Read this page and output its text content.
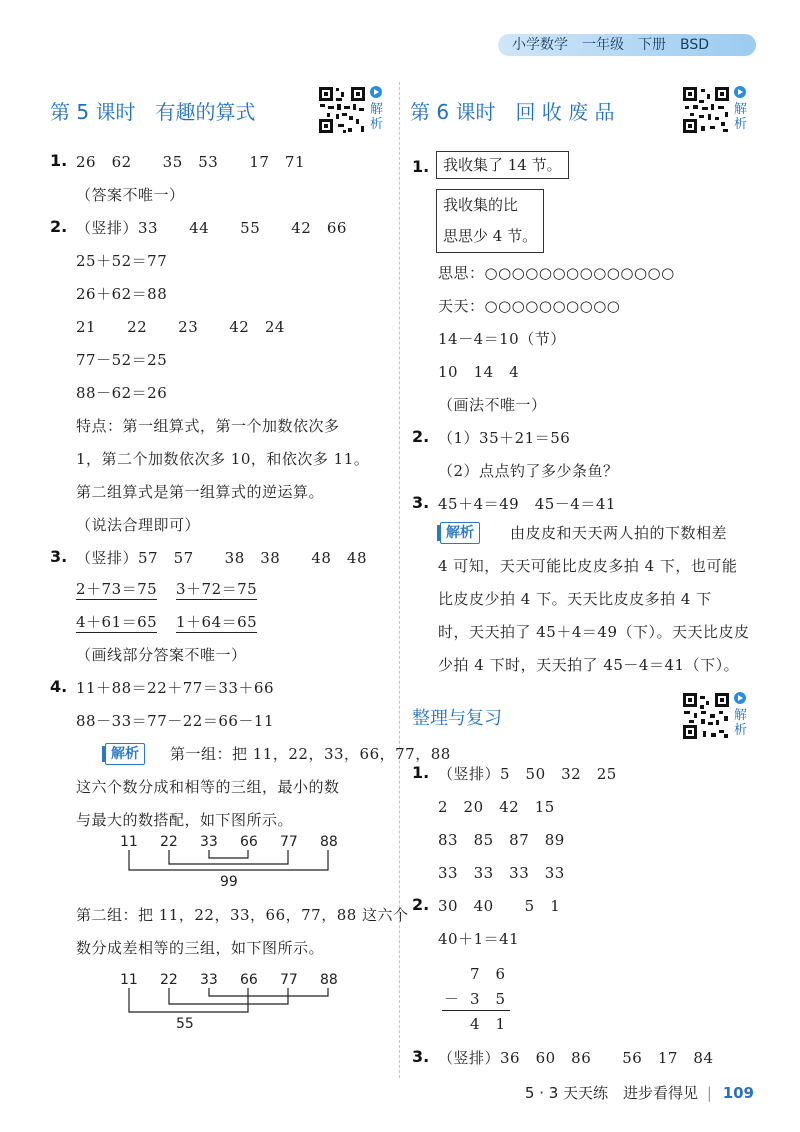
小学数学　一年级　下册　BSD
第 5 课时　有趣的算式	解析
1. 26　62　　35　53　　17　71
（答案不唯一）
2. （竖排）33　　44　　55　　42　66
25＋52＝77
26＋62＝88
21　　22　　23　　42　24
77－52＝25
88－62＝26
特点：第一组算式，第一个加数依次多
1，第二个加数依次多 10，和依次多 11。
第二组算式是第一组算式的逆运算。
（说法合理即可）
3. （竖排）57　57　　38　38　　48　48
2＋73＝75 3＋72＝75
4＋61＝65 1＋64＝65
（画线部分答案不唯一）
4. 11＋88＝22＋77＝33＋66
88－33＝77－22＝66－11
解析	第一组：把 11，22，33，66，77，88
这六个数分成和相等的三组，最小的数
与最大的数搭配，如下图所示。
11 22 33 66 77 88
99
第二组：把 11，22，33，66，77，88 这六个
数分成差相等的三组，如下图所示。
11 22 33 66 77 88
55
第 6 课时　回 收 废 品	解析
1. 我收集了 14 节。
我收集的比
思思少 4 节。
思思：○○○○○○○○○○○○○○
天天：○○○○○○○○○○
14－4＝10（节）
10　14　4
（画法不唯一）
2. （1）35＋21＝56
（2）点点钓了多少条鱼？
3. 45＋4＝49　45－4＝41
解析	由皮皮和天天两人拍的下数相差
4 可知，天天可能比皮皮多拍 4 下，也可能
比皮皮少拍 4 下。天天比皮皮多拍 4 下
时，天天拍了 45＋4＝49（下）。天天比皮皮
少拍 4 下时，天天拍了 45－4＝41（下）。
整理与复习	解析
1. （竖排）5　50　32　25
2　20　42　15
83　85　87　89
33　33　33　33
2. 30　40　　5　1
40＋1＝41
7　6
－ 3　5
4　1
3. （竖排）36　60　86　　56　17　84
5 · 3 天天练　进步看得见 | 109
